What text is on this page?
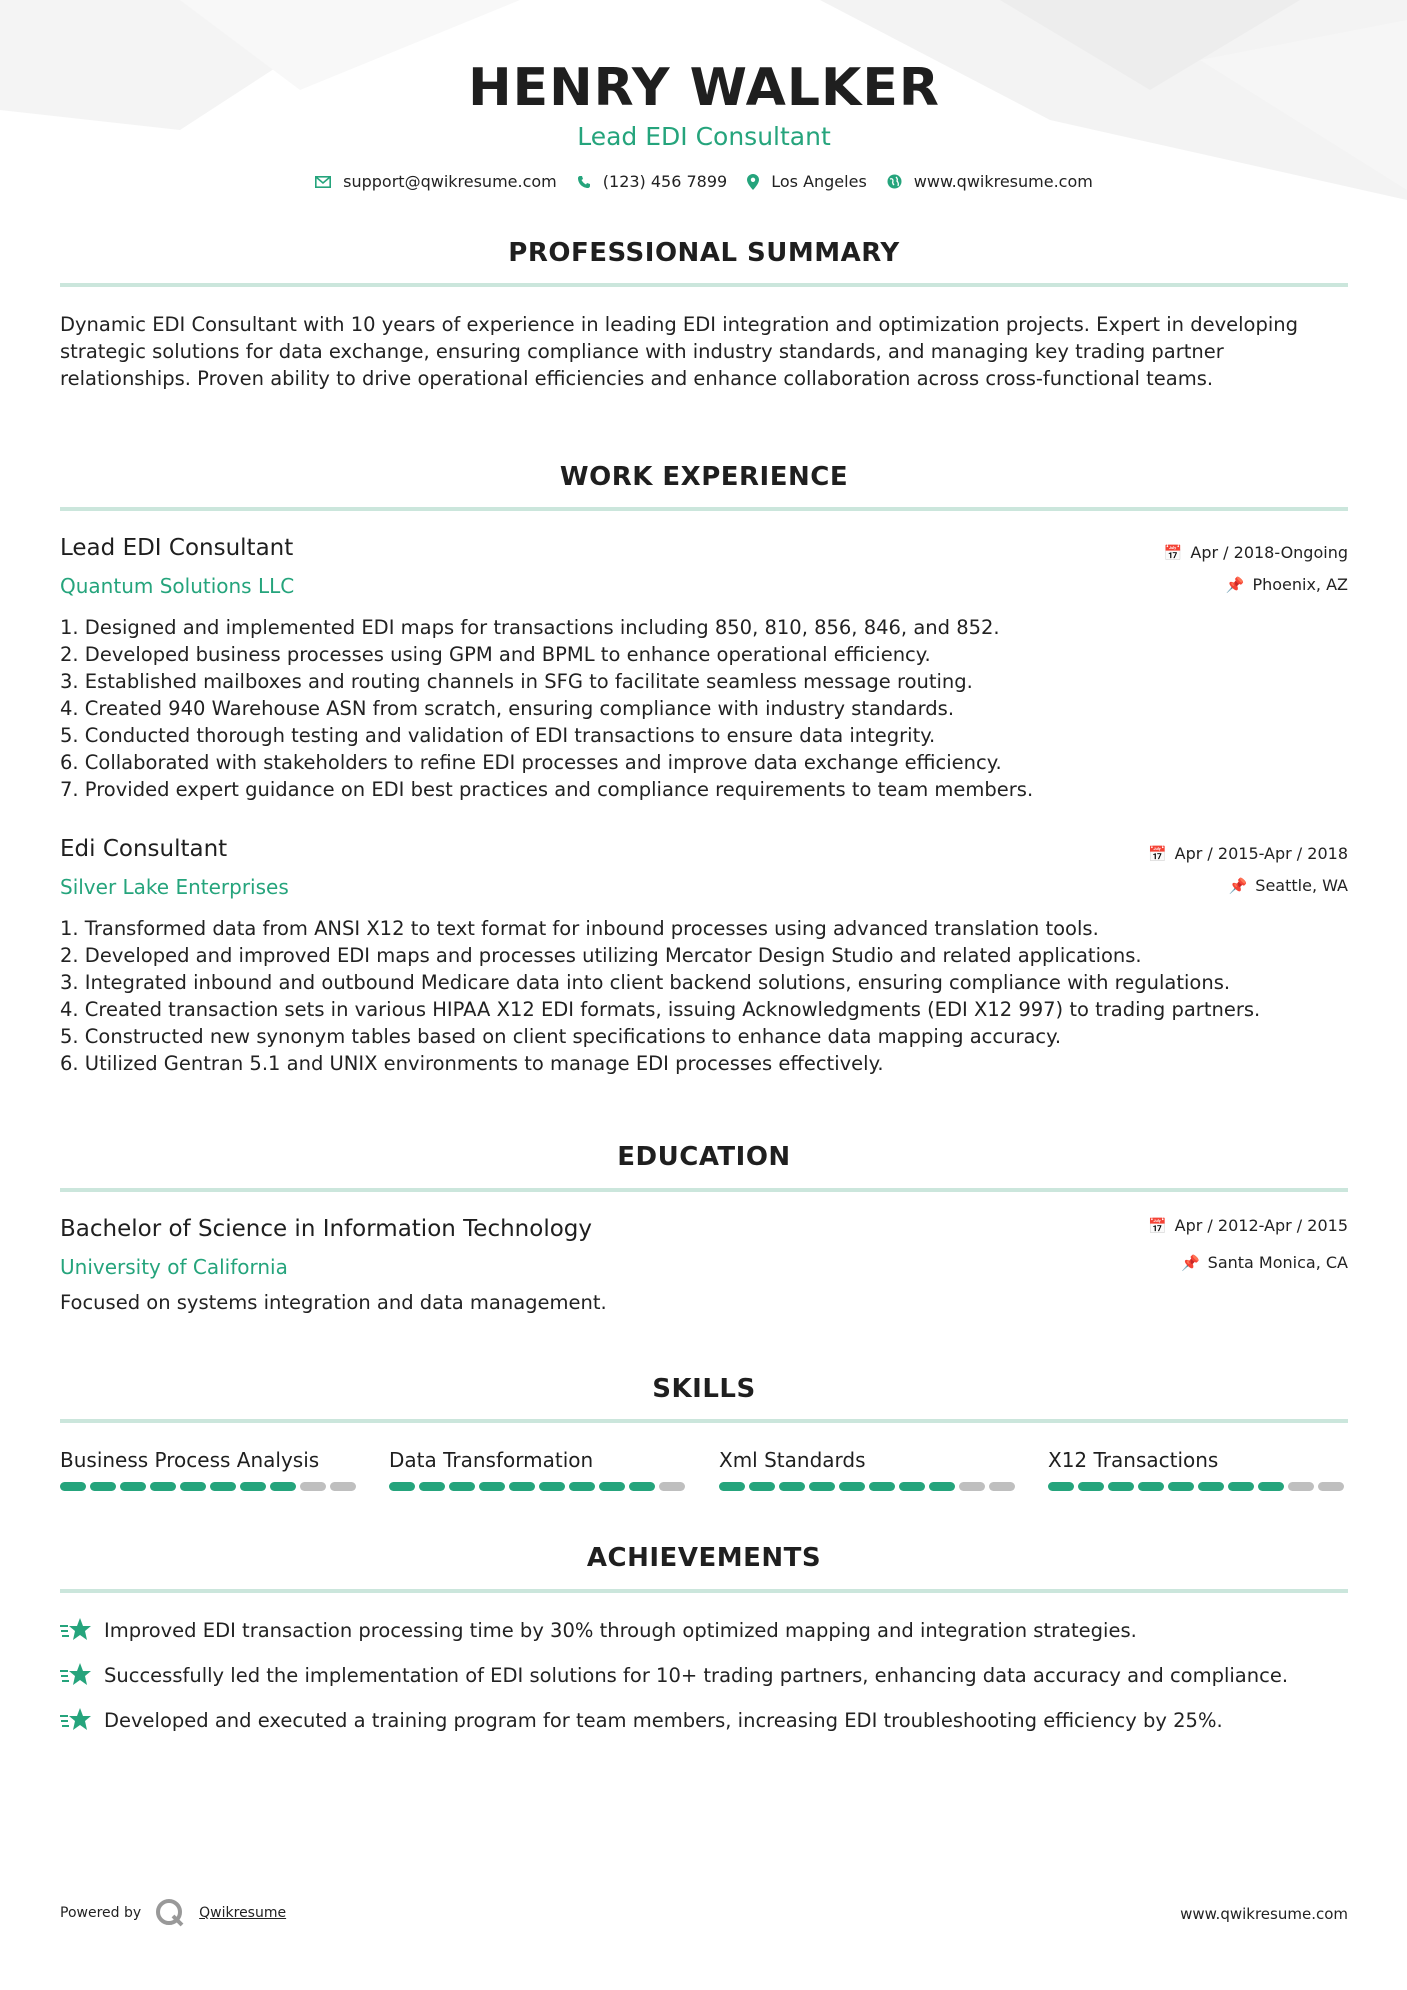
HENRY WALKER
Lead EDI Consultant
support@qwikresume.com	(123) 456 7899	Los Angeles	www.qwikresume.com
PROFESSIONAL SUMMARY
Dynamic EDI Consultant with 10 years of experience in leading EDI integration and optimization projects. Expert in developing strategic solutions for data exchange, ensuring compliance with industry standards, and managing key trading partner relationships. Proven ability to drive operational efficiencies and enhance collaboration across cross-functional teams.
WORK EXPERIENCE
Lead EDI Consultant	📅 Apr / 2018-Ongoing
Quantum Solutions LLC	📌 Phoenix, AZ
1. Designed and implemented EDI maps for transactions including 850, 810, 856, 846, and 852.
2. Developed business processes using GPM and BPML to enhance operational efficiency.
3. Established mailboxes and routing channels in SFG to facilitate seamless message routing.
4. Created 940 Warehouse ASN from scratch, ensuring compliance with industry standards.
5. Conducted thorough testing and validation of EDI transactions to ensure data integrity.
6. Collaborated with stakeholders to refine EDI processes and improve data exchange efficiency.
7. Provided expert guidance on EDI best practices and compliance requirements to team members.
Edi Consultant	📅 Apr / 2015-Apr / 2018
Silver Lake Enterprises	📌 Seattle, WA
1. Transformed data from ANSI X12 to text format for inbound processes using advanced translation tools.
2. Developed and improved EDI maps and processes utilizing Mercator Design Studio and related applications.
3. Integrated inbound and outbound Medicare data into client backend solutions, ensuring compliance with regulations.
4. Created transaction sets in various HIPAA X12 EDI formats, issuing Acknowledgments (EDI X12 997) to trading partners.
5. Constructed new synonym tables based on client specifications to enhance data mapping accuracy.
6. Utilized Gentran 5.1 and UNIX environments to manage EDI processes effectively.
EDUCATION
Bachelor of Science in Information Technology	📅 Apr / 2012-Apr / 2015
University of California	📌 Santa Monica, CA
Focused on systems integration and data management.
SKILLS
Business Process Analysis	Data Transformation	Xml Standards	X12 Transactions
ACHIEVEMENTS
Improved EDI transaction processing time by 30% through optimized mapping and integration strategies.
Successfully led the implementation of EDI solutions for 10+ trading partners, enhancing data accuracy and compliance.
Developed and executed a training program for team members, increasing EDI troubleshooting efficiency by 25%.
Powered by	Qwikresume	www.qwikresume.com
